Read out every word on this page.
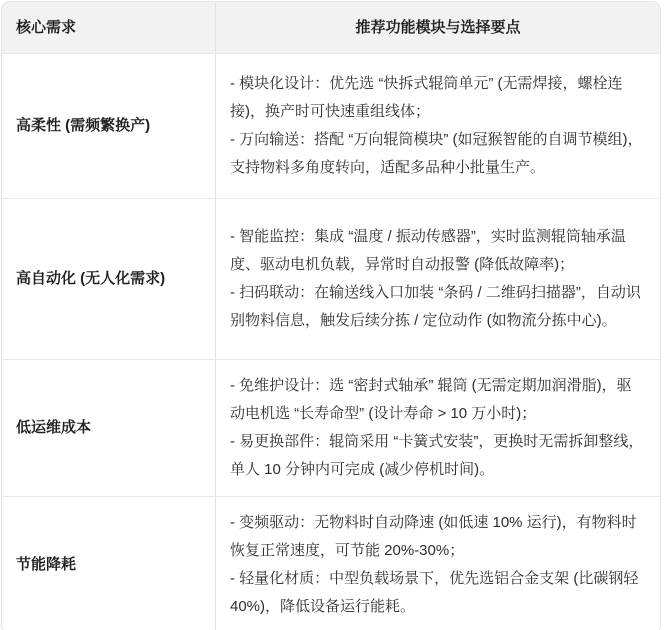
核心需求	推荐功能模块与选择要点
高柔性 (需频繁换产)

- 模块化设计：优先选 “快拆式辊筒单元” (无需焊接，螺栓连接)，换产时可快速重组线体；

- 万向输送：搭配 “万向辊筒模块” (如冠猴智能的自调节模组)，支持物料多角度转向，适配多品种小批量生产。

高自动化 (无人化需求)

- 智能监控：集成 “温度 / 振动传感器”，实时监测辊筒轴承温度、驱动电机负载，异常时自动报警 (降低故障率)；

- 扫码联动：在输送线入口加装 “条码 / 二维码扫描器”，自动识别物料信息，触发后续分拣 / 定位动作 (如物流分拣中心)。

低运维成本

- 免维护设计：选 “密封式轴承” 辊筒 (无需定期加润滑脂)，驱动电机选 “长寿命型” (设计寿命 > 10 万小时)；

- 易更换部件：辊筒采用 “卡簧式安装”，更换时无需拆卸整线，单人 10 分钟内可完成 (减少停机时间)。

节能降耗

- 变频驱动：无物料时自动降速 (如低速 10% 运行)，有物料时恢复正常速度，可节能 20%-30%；

- 轻量化材质：中型负载场景下，优先选铝合金支架 (比碳钢轻 40%)，降低设备运行能耗。
